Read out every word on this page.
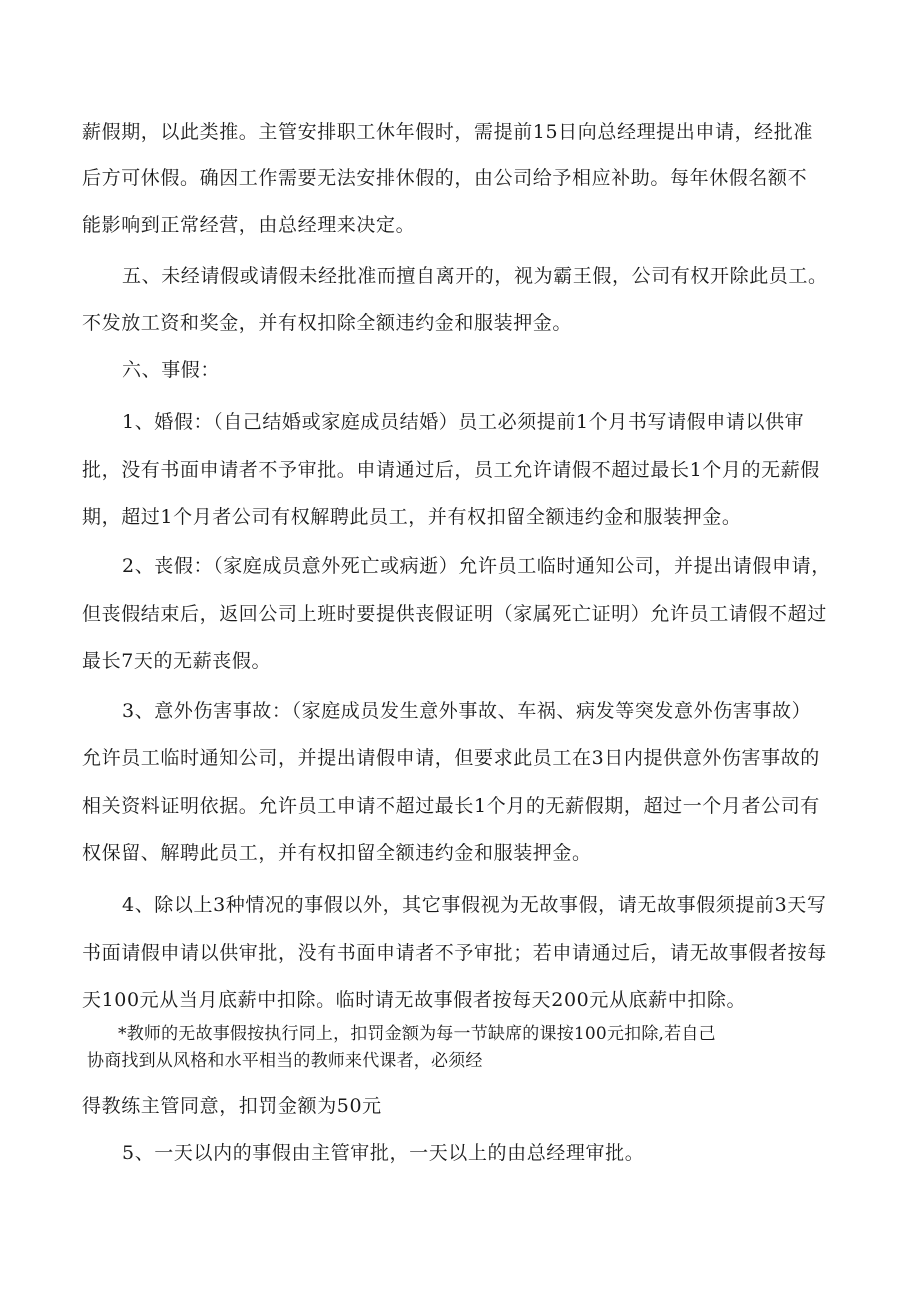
薪假期，以此类推。主管安排职工休年假时，需提前15日向总经理提出申请，经批准
后方可休假。确因工作需要无法安排休假的，由公司给予相应补助。每年休假名额不
能影响到正常经营，由总经理来决定。
五、未经请假或请假未经批准而擅自离开的，视为霸王假，公司有权开除此员工。
不发放工资和奖金，并有权扣除全额违约金和服装押金。
六、事假：
1、婚假：（自己结婚或家庭成员结婚）员工必须提前1个月书写请假申请以供审
批，没有书面申请者不予审批。申请通过后，员工允许请假不超过最长1个月的无薪假
期，超过1个月者公司有权解聘此员工，并有权扣留全额违约金和服装押金。
2、丧假：（家庭成员意外死亡或病逝）允许员工临时通知公司，并提出请假申请，
但丧假结束后，返回公司上班时要提供丧假证明（家属死亡证明）允许员工请假不超过
最长7天的无薪丧假。
3、意外伤害事故：（家庭成员发生意外事故、车祸、病发等突发意外伤害事故）
允许员工临时通知公司，并提出请假申请，但要求此员工在3日内提供意外伤害事故的
相关资料证明依据。允许员工申请不超过最长1个月的无薪假期，超过一个月者公司有
权保留、解聘此员工，并有权扣留全额违约金和服装押金。
4、除以上3种情况的事假以外，其它事假视为无故事假，请无故事假须提前3天写
书面请假申请以供审批，没有书面申请者不予审批；若申请通过后，请无故事假者按每
天100元从当月底薪中扣除。临时请无故事假者按每天200元从底薪中扣除。
*教师的无故事假按执行同上，扣罚金额为每一节缺席的课按100元扣除,若自己
协商找到从风格和水平相当的教师来代课者，必须经
得教练主管同意，扣罚金额为50元
5、一天以内的事假由主管审批，一天以上的由总经理审批。
